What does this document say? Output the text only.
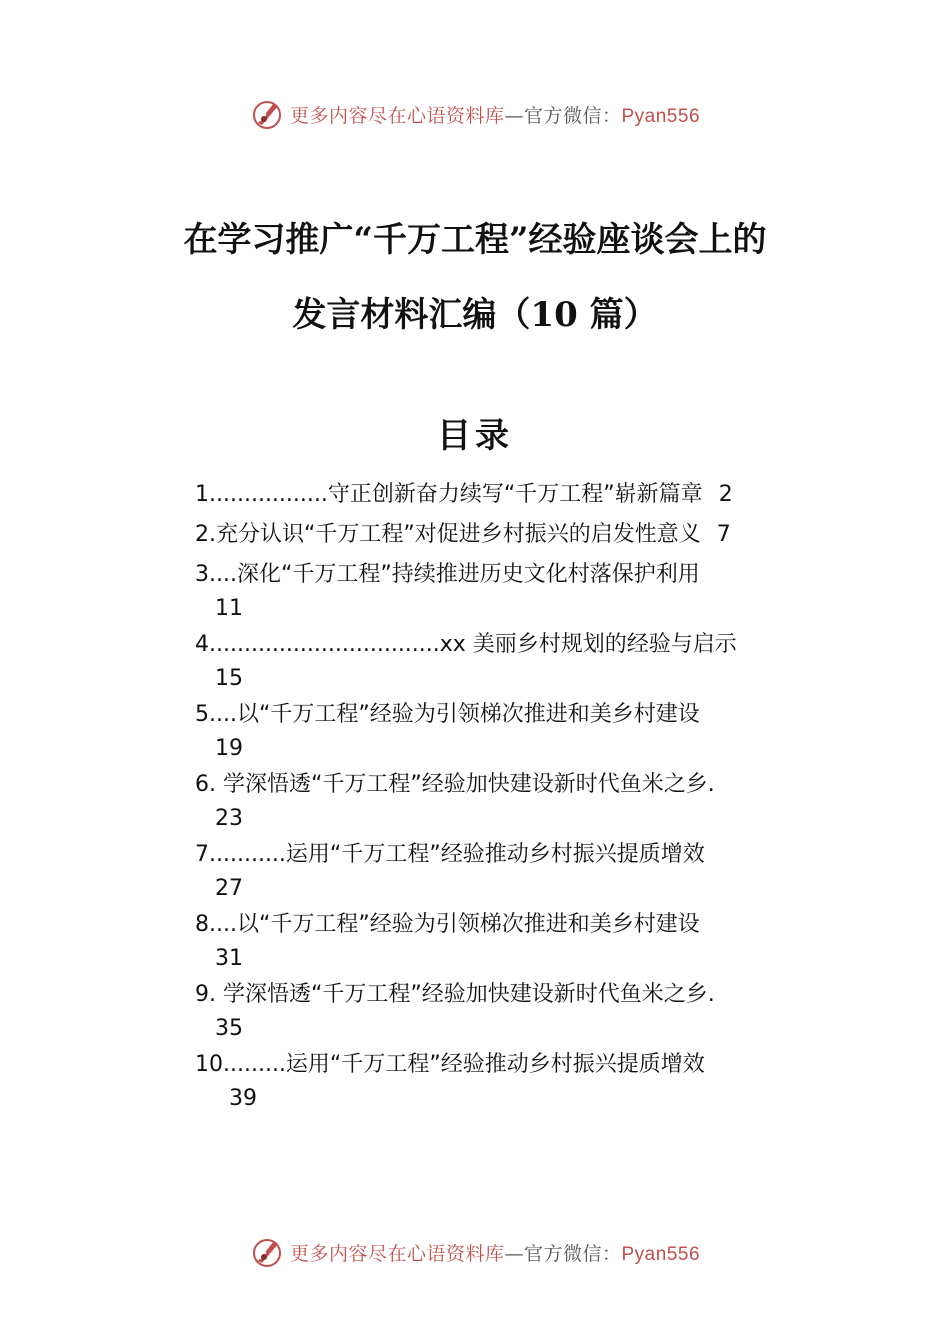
更多内容尽在心语资料库—官方微信：Pyan556
在学习推广“千万工程”经验座谈会上的
发言材料汇编（10 篇）
目录
1.................守正创新奋力续写“千万工程”崭新篇章 2
2.充分认识“千万工程”对促进乡村振兴的启发性意义 7
3....深化“千万工程”持续推进历史文化村落保护利用
11
4.................................xx 美丽乡村规划的经验与启示
15
5....以“千万工程”经验为引领梯次推进和美乡村建设
19
6. 学深悟透“千万工程”经验加快建设新时代鱼米之乡.
23
7...........运用“千万工程”经验推动乡村振兴提质增效
27
8....以“千万工程”经验为引领梯次推进和美乡村建设
31
9. 学深悟透“千万工程”经验加快建设新时代鱼米之乡.
35
10.........运用“千万工程”经验推动乡村振兴提质增效
39
更多内容尽在心语资料库—官方微信：Pyan556
